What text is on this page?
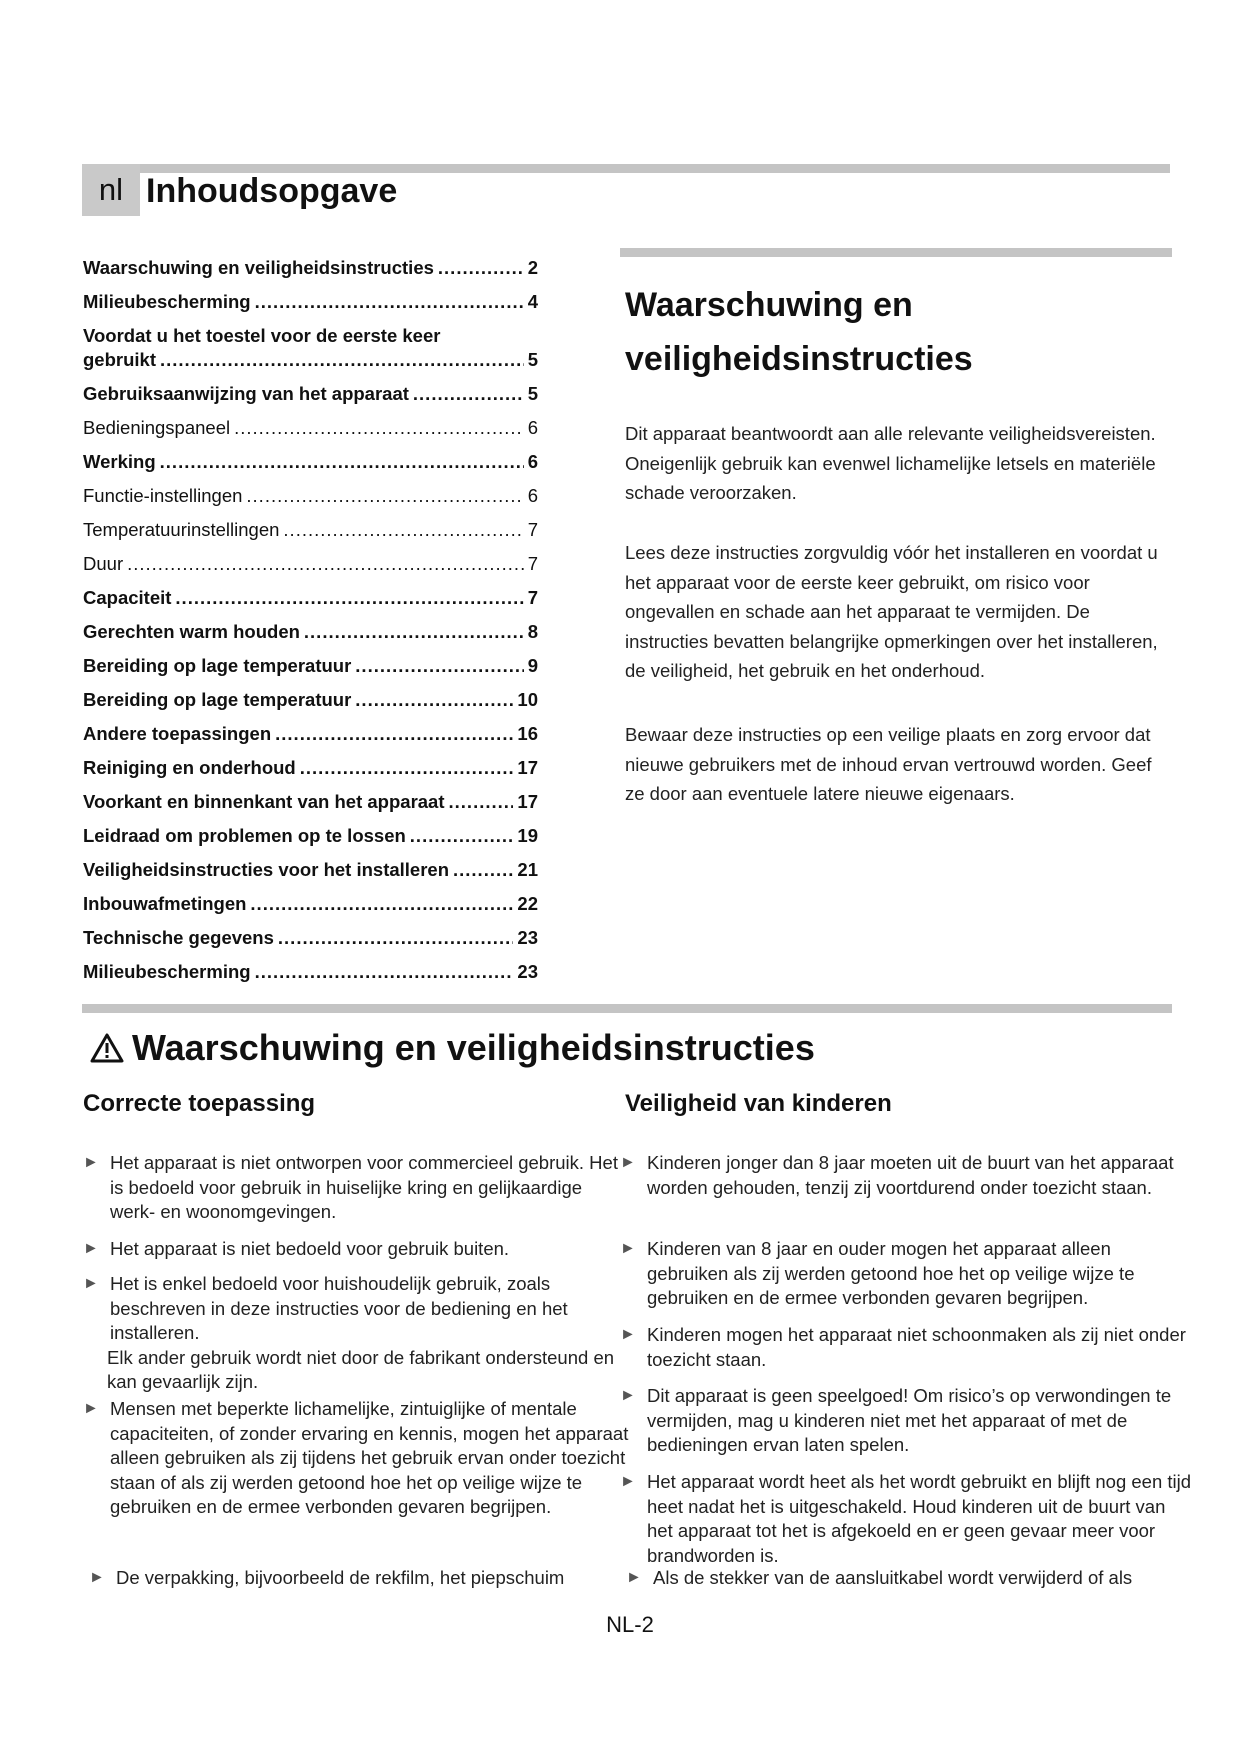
nl Inhoudsopgave
Waarschuwing en veiligheidsinstructies .....	2
Milieubescherming .....	4
Voordat u het toestel voor de eerste keer
gebruikt .....	5
Gebruiksaanwijzing van het apparaat .....	5
Bedieningspaneel .....	6
Werking .....	6
Functie-instellingen .....	6
Temperatuurinstellingen .....	7
Duur .....	7
Capaciteit .....	7
Gerechten warm houden .....	8
Bereiding op lage temperatuur .....	9
Bereiding op lage temperatuur .....	10
Andere toepassingen .....	16
Reiniging en onderhoud .....	17
Voorkant en binnenkant van het apparaat .....	17
Leidraad om problemen op te lossen .....	19
Veiligheidsinstructies voor het installeren .....	21
Inbouwafmetingen .....	22
Technische gegevens .....	23
Milieubescherming .....	23
Waarschuwing en
veiligheidsinstructies

Dit apparaat beantwoordt aan alle relevante veiligheidsvereisten. Oneigenlijk gebruik kan evenwel lichamelijke letsels en materiële schade veroorzaken.

Lees deze instructies zorgvuldig vóór het installeren en voordat u het apparaat voor de eerste keer gebruikt, om risico voor ongevallen en schade aan het apparaat te vermijden. De instructies bevatten belangrijke opmerkingen over het installeren, de veiligheid, het gebruik en het onderhoud.

Bewaar deze instructies op een veilige plaats en zorg ervoor dat nieuwe gebruikers met de inhoud ervan vertrouwd worden. Geef ze door aan eventuele latere nieuwe eigenaars.

Waarschuwing en veiligheidsinstructies
Correcte toepassing	Veiligheid van kinderen

► Het apparaat is niet ontworpen voor commercieel gebruik. Het is bedoeld voor gebruik in huiselijke kring en gelijkaardige werk- en woonomgevingen.

► Het apparaat is niet bedoeld voor gebruik buiten.

► Het is enkel bedoeld voor huishoudelijk gebruik, zoals beschreven in deze instructies voor de bediening en het installeren.
Elk ander gebruik wordt niet door de fabrikant ondersteund en kan gevaarlijk zijn.

► Mensen met beperkte lichamelijke, zintuiglijke of mentale capaciteiten, of zonder ervaring en kennis, mogen het apparaat alleen gebruiken als zij tijdens het gebruik ervan onder toezicht staan of als zij werden getoond hoe het op veilige wijze te gebruiken en de ermee verbonden gevaren begrijpen.

► De verpakking, bijvoorbeeld de rekfilm, het piepschuim

► Kinderen jonger dan 8 jaar moeten uit de buurt van het apparaat worden gehouden, tenzij zij voortdurend onder toezicht staan.

► Kinderen van 8 jaar en ouder mogen het apparaat alleen gebruiken als zij werden getoond hoe het op veilige wijze te gebruiken en de ermee verbonden gevaren begrijpen.

► Kinderen mogen het apparaat niet schoonmaken als zij niet onder toezicht staan.

► Dit apparaat is geen speelgoed! Om risico’s op verwondingen te vermijden, mag u kinderen niet met het apparaat of met de bedieningen ervan laten spelen.

► Het apparaat wordt heet als het wordt gebruikt en blijft nog een tijd heet nadat het is uitgeschakeld. Houd kinderen uit de buurt van het apparaat tot het is afgekoeld en er geen gevaar meer voor brandworden is.

► Als de stekker van de aansluitkabel wordt verwijderd of als

NL-2
